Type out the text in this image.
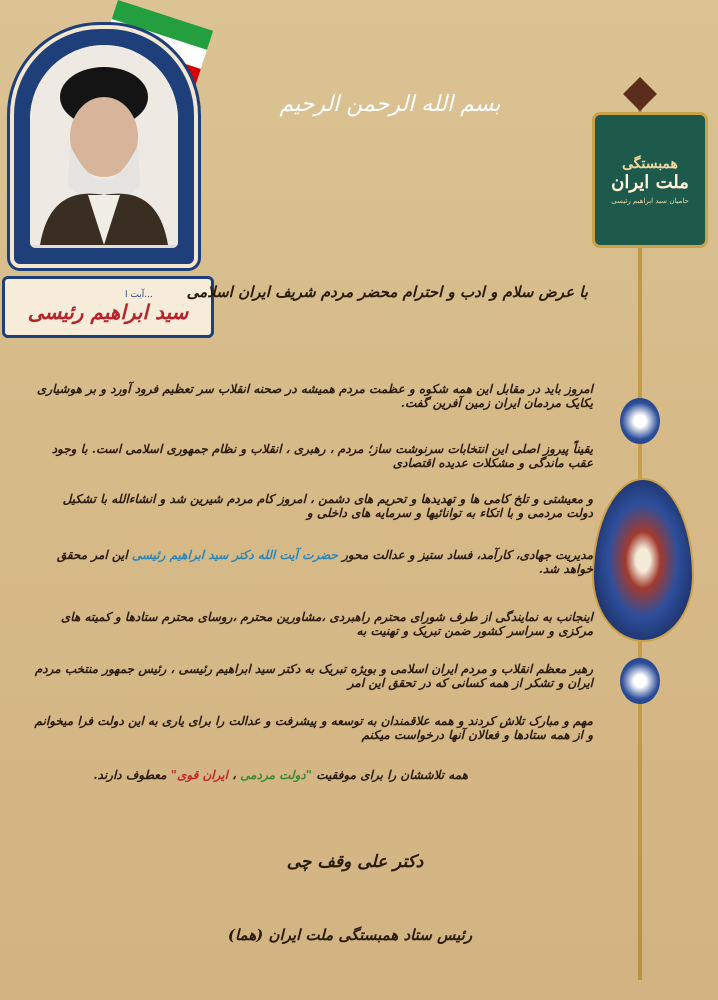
آیت ا...
سید ابراهیم رئیسی
همبستگی
ملت ایران
حامیان سید ابراهیم رئیسی
بسم الله الرحمن الرحیم
با عرض سلام و ادب و احترام محضر مردم شریف ایران اسلامی
امروز باید در مقابل این همه شکوه و عظمت مردم همیشه در صحنه انقلاب سر تعظیم فرود آورد و بر هوشیاری یکایک مردمان ایران زمین آفرین گفت.
یقیناً پیروز اصلی این انتخابات سرنوشت ساز؛ مردم ، رهبری ، انقلاب و نظام جمهوری اسلامی است. با وجود عقب ماندگی و مشکلات عدیده اقتصادی
و معیشتی و تلخ کامی ها و تهدیدها و تحریم های دشمن ، امروز کام مردم شیرین شد و انشاءالله با تشکیل دولت مردمی و با اتکاء به توانائیها و سرمایه های داخلی و
مدیریت جهادی، کارآمد، فساد ستیز و عدالت محور حضرت آیت الله دکتر سید ابراهیم رئیسی این امر محقق خواهد شد.
اینجانب به نمایندگی از طرف شورای محترم راهبردی ،مشاورین محترم ،روسای محترم ستادها و کمیته های مرکزی و سراسر کشور ضمن تبریک و تهنیت به
رهبر معظم انقلاب و مردم ایران اسلامی و بویژه تبریک به دکتر سید ابراهیم رئیسی ، رئیس جمهور منتخب مردم ایران و تشکر از همه کسانی که در تحقق این امر
مهم و مبارک تلاش کردند و همه علاقمندان به توسعه و پیشرفت و عدالت را برای یاری به این دولت فرا میخوانم و از همه ستادها و فعالان آنها درخواست میکنم
همه تلاششان را برای موفقیت "دولت مردمی ، ایران قوی" معطوف دارند.
دکتر علی وقف چی
رئیس ستاد همبستگی ملت ایران (هما)
